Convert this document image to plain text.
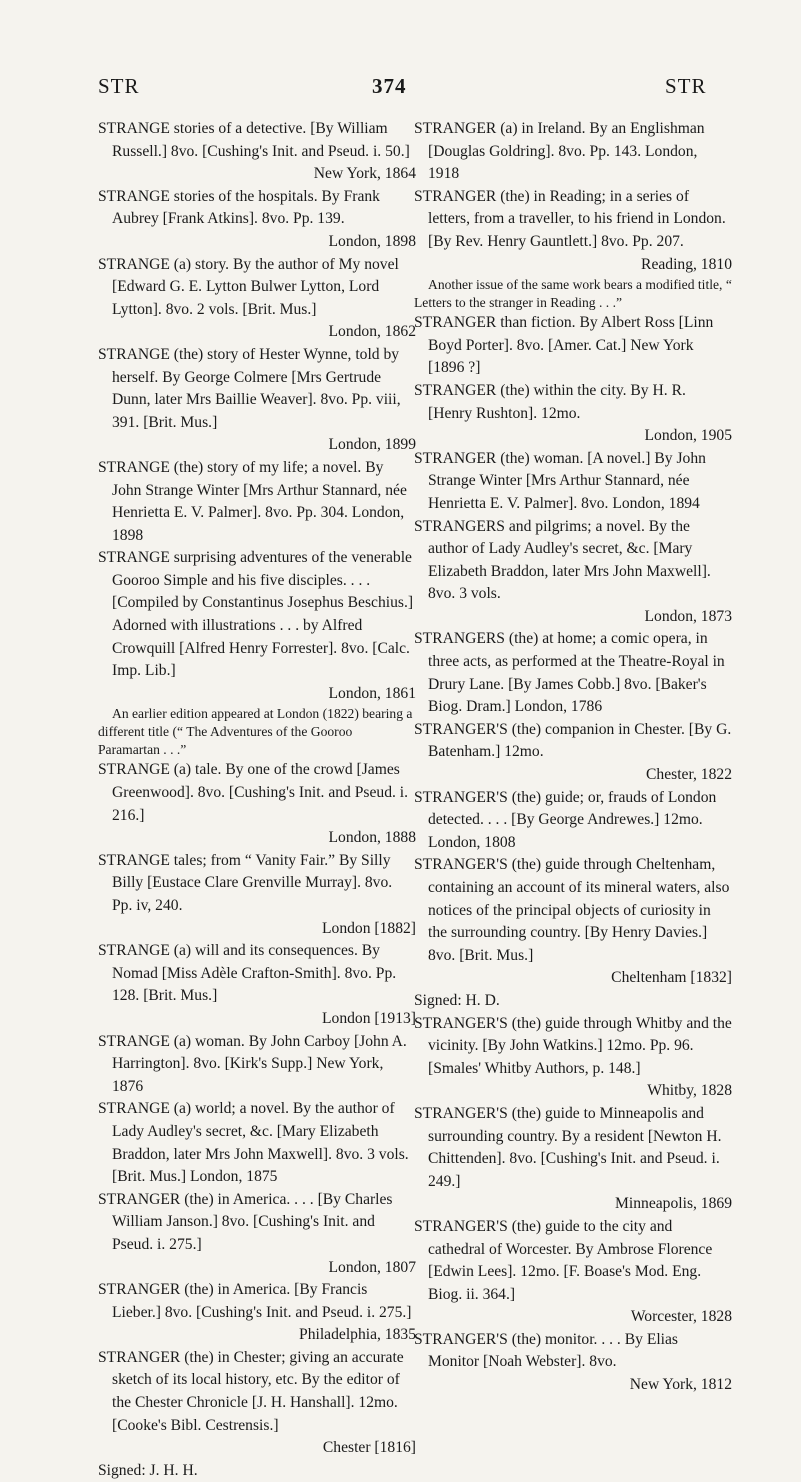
STR	374	STR

STRANGE stories of a detective. [By William Russell.] 8vo. [Cushing's Init. and Pseud. i. 50.]

New York, 1864

STRANGE stories of the hospitals. By Frank Aubrey [Frank Atkins]. 8vo. Pp. 139.

London, 1898

STRANGE (a) story. By the author of My novel [Edward G. E. Lytton Bulwer Lytton, Lord Lytton]. 8vo. 2 vols. [Brit. Mus.]

London, 1862

STRANGE (the) story of Hester Wynne, told by herself. By George Colmere [Mrs Gertrude Dunn, later Mrs Baillie Weaver]. 8vo. Pp. viii, 391. [Brit. Mus.]

London, 1899

STRANGE (the) story of my life; a novel. By John Strange Winter [Mrs Arthur Stannard, née Henrietta E. V. Palmer]. 8vo. Pp. 304. London, 1898

STRANGE surprising adventures of the venerable Gooroo Simple and his five disciples. . . . [Compiled by Constantinus Josephus Beschius.] Adorned with illustrations . . . by Alfred Crowquill [Alfred Henry Forrester]. 8vo. [Calc. Imp. Lib.]

London, 1861

An earlier edition appeared at London (1822) bearing a different title (“ The Adventures of the Gooroo Paramartan . . .”

STRANGE (a) tale. By one of the crowd [James Greenwood]. 8vo. [Cushing's Init. and Pseud. i. 216.]

London, 1888

STRANGE tales; from “ Vanity Fair.” By Silly Billy [Eustace Clare Grenville Murray]. 8vo. Pp. iv, 240.

London [1882]

STRANGE (a) will and its consequences. By Nomad [Miss Adèle Crafton-Smith]. 8vo. Pp. 128. [Brit. Mus.]

London [1913]

STRANGE (a) woman. By John Carboy [John A. Harrington]. 8vo. [Kirk's Supp.] New York, 1876

STRANGE (a) world; a novel. By the author of Lady Audley's secret, &c. [Mary Elizabeth Braddon, later Mrs John Maxwell]. 8vo. 3 vols. [Brit. Mus.] London, 1875

STRANGER (the) in America. . . . [By Charles William Janson.] 8vo. [Cushing's Init. and Pseud. i. 275.]

London, 1807

STRANGER (the) in America. [By Francis Lieber.] 8vo. [Cushing's Init. and Pseud. i. 275.]

Philadelphia, 1835

STRANGER (the) in Chester; giving an accurate sketch of its local history, etc. By the editor of the Chester Chronicle [J. H. Hanshall]. 12mo. [Cooke's Bibl. Cestrensis.]

Chester [1816]

Signed: J. H. H.

STRANGER (a) in Ireland. By an Englishman [Douglas Goldring]. 8vo. Pp. 143. London, 1918

STRANGER (the) in Reading; in a series of letters, from a traveller, to his friend in London. [By Rev. Henry Gauntlett.] 8vo. Pp. 207.

Reading, 1810

Another issue of the same work bears a modified title, “ Letters to the stranger in Reading . . .”

STRANGER than fiction. By Albert Ross [Linn Boyd Porter]. 8vo. [Amer. Cat.] New York [1896 ?]

STRANGER (the) within the city. By H. R. [Henry Rushton]. 12mo.

London, 1905

STRANGER (the) woman. [A novel.] By John Strange Winter [Mrs Arthur Stannard, née Henrietta E. V. Palmer]. 8vo. London, 1894

STRANGERS and pilgrims; a novel. By the author of Lady Audley's secret, &c. [Mary Elizabeth Braddon, later Mrs John Maxwell]. 8vo. 3 vols.

London, 1873

STRANGERS (the) at home; a comic opera, in three acts, as performed at the Theatre-Royal in Drury Lane. [By James Cobb.] 8vo. [Baker's Biog. Dram.] London, 1786

STRANGER'S (the) companion in Chester. [By G. Batenham.] 12mo.

Chester, 1822

STRANGER'S (the) guide; or, frauds of London detected. . . . [By George Andrewes.] 12mo. London, 1808

STRANGER'S (the) guide through Cheltenham, containing an account of its mineral waters, also notices of the principal objects of curiosity in the surrounding country. [By Henry Davies.] 8vo. [Brit. Mus.]

Cheltenham [1832]

Signed: H. D.

STRANGER'S (the) guide through Whitby and the vicinity. [By John Watkins.] 12mo. Pp. 96. [Smales' Whitby Authors, p. 148.]

Whitby, 1828

STRANGER'S (the) guide to Minneapolis and surrounding country. By a resident [Newton H. Chittenden]. 8vo. [Cushing's Init. and Pseud. i. 249.]

Minneapolis, 1869

STRANGER'S (the) guide to the city and cathedral of Worcester. By Ambrose Florence [Edwin Lees]. 12mo. [F. Boase's Mod. Eng. Biog. ii. 364.]

Worcester, 1828

STRANGER'S (the) monitor. . . . By Elias Monitor [Noah Webster]. 8vo.

New York, 1812
